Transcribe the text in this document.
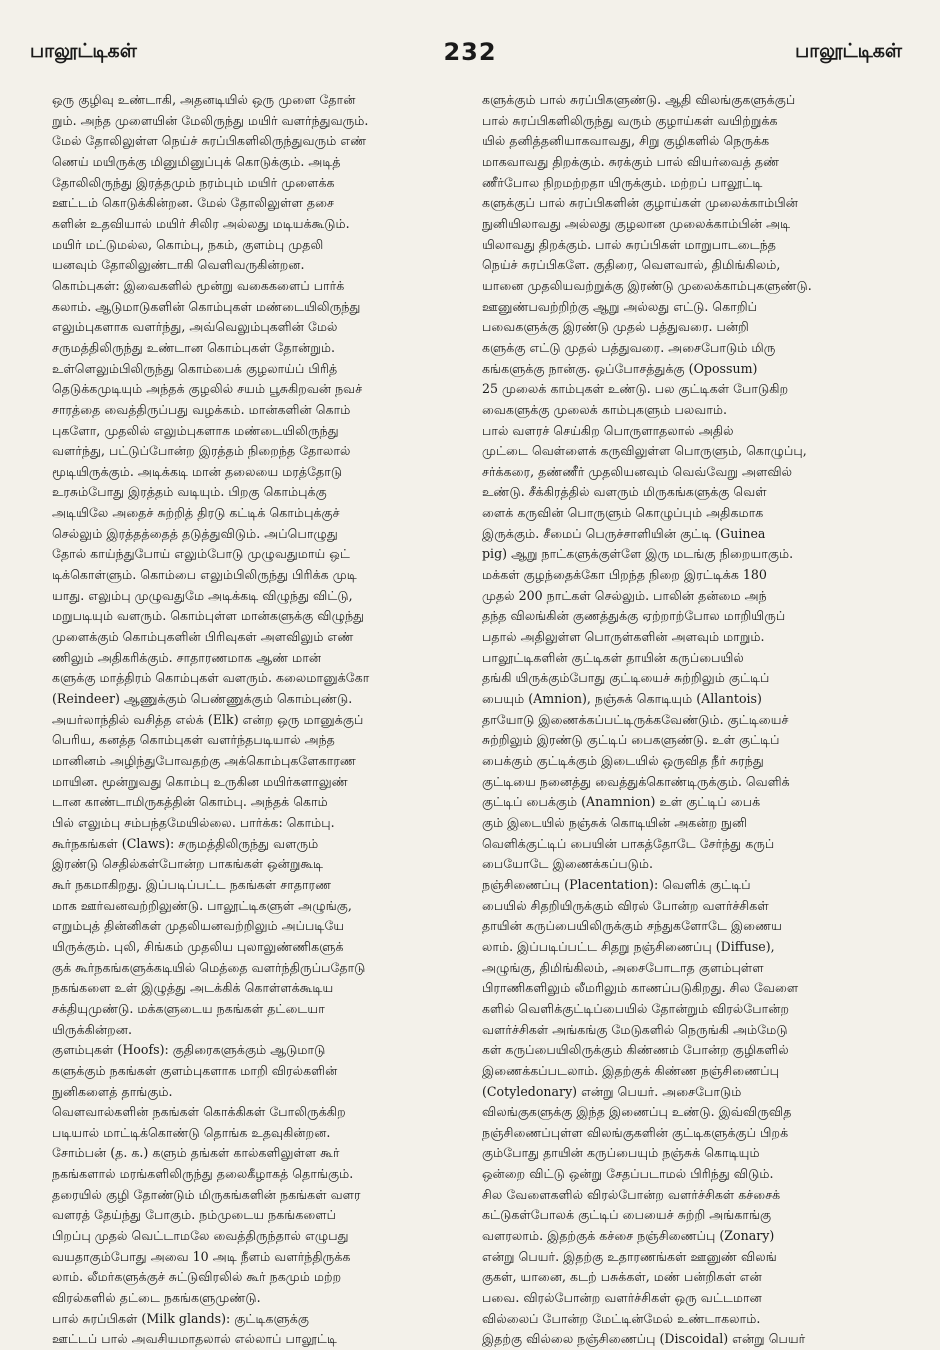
பாலூட்டிகள்	232	பாலூட்டிகள்
ஒரு குழிவு உண்டாகி, அதனடியில் ஒரு முளை தோன்
றும். அந்த முளையின் மேலிருந்து மயிர் வளர்ந்துவரும்.
மேல் தோலிலுள்ள நெய்ச் சுரப்பிகளிலிருந்துவரும் எண்
ணெய் மயிருக்கு மினுமினுப்புக் கொடுக்கும். அடித்
தோலிலிருந்து இரத்தமும் நரம்பும் மயிர் முளைக்க
ஊட்டம் கொடுக்கின்றன. மேல் தோலிலுள்ள தசை
களின் உதவியால் மயிர் சிலிர அல்லது மடியக்கூடும்.
மயிர் மட்டுமல்ல, கொம்பு, நகம், குளம்பு முதலி
யனவும் தோலிலுண்டாகி வெளிவருகின்றன.
கொம்புகள்: இவைகளில் மூன்று வகைகளைப் பார்க்
கலாம். ஆடுமாடுகளின் கொம்புகள் மண்டையிலிருந்து
எலும்புகளாக வளர்ந்து, அவ்வெலும்புகளின் மேல்
சருமத்திலிருந்து உண்டான கொம்புகள் தோன்றும்.
உள்ளெலும்பிலிருந்து கொம்பைக் குழலாய்ப் பிரித்
தெடுக்கமுடியும் அந்தக் குழலில் சயம் பூசுகிறவன் நவச்
சாரத்தை வைத்திருப்பது வழக்கம். மான்களின் கொம்
புகளோ, முதலில் எலும்புகளாக மண்டையிலிருந்து
வளர்ந்து, பட்டுப்போன்ற இரத்தம் நிறைந்த தோலால்
மூடியிருக்கும். அடிக்கடி மான் தலையை மரத்தோடு
உரசும்போது இரத்தம் வடியும். பிறகு கொம்புக்கு
அடியிலே அதைச் சுற்றித் திரடு கட்டிக் கொம்புக்குச்
செல்லும் இரத்தத்தைத் தடுத்துவிடும். அப்பொழுது
தோல் காய்ந்துபோய் எலும்போடு முழுவதுமாய் ஒட்
டிக்கொள்ளும். கொம்பை எலும்பிலிருந்து பிரிக்க முடி
யாது. எலும்பு முழுவதுமே அடிக்கடி விழுந்து விட்டு,
மறுபடியும் வளரும். கொம்புள்ள மான்களுக்கு விழுந்து
முளைக்கும் கொம்புகளின் பிரிவுகள் அளவிலும் எண்
ணிலும் அதிகரிக்கும். சாதாரணமாக ஆண் மான்
களுக்கு மாத்திரம் கொம்புகள் வளரும். கலைமானுக்கோ
(Reindeer) ஆணுக்கும் பெண்ணுக்கும் கொம்புண்டு.
அயர்லாந்தில் வசித்த எல்க் (Elk) என்ற ஒரு மானுக்குப்
பெரிய, கனத்த கொம்புகள் வளர்ந்தபடியால் அந்த
மானினம் அழிந்துபோவதற்கு அக்கொம்புகளேகாரண
மாயின. மூன்றுவது கொம்பு உருகின மயிர்களாலுண்
டான காண்டாமிருகத்தின் கொம்பு. அந்தக் கொம்
பில் எலும்பு சம்பந்தமேயில்லை. பார்க்க: கொம்பு.
கூர்நகங்கள் (Claws): சருமத்திலிருந்து வளரும்
இரண்டு செதில்கள்போன்ற பாகங்கள் ஒன்றுகூடி
கூர் நகமாகிறது. இப்படிப்பட்ட நகங்கள் சாதாரண
மாக ஊர்வனவற்றிலுண்டு. பாலூட்டிகளுள் அழுங்கு,
எறும்புத் தின்னிகள் முதலியனவற்றிலும் அப்படியே
யிருக்கும். புலி, சிங்கம் முதலிய புலாலுண்ணிகளுக்
குக் கூர்நகங்களுக்கடியில் மெத்தை வளர்ந்திருப்பதோடு
நகங்களை உள் இழுத்து அடக்கிக் கொள்ளக்கூடிய
சக்தியுமுண்டு. மக்களுடைய நகங்கள் தட்டையா
யிருக்கின்றன.
குளம்புகள் (Hoofs): குதிரைகளுக்கும் ஆடுமாடு
களுக்கும் நகங்கள் குளம்புகளாக மாறி விரல்களின்
நுனிகளைத் தாங்கும்.
வௌவால்களின் நகங்கள் கொக்கிகள் போலிருக்கிற
படியால் மாட்டிக்கொண்டு தொங்க உதவுகின்றன.
சோம்பன் (த. க.) களும் தங்கள் கால்களிலுள்ள கூர்
நகங்களால் மரங்களிலிருந்து தலைகீழாகத் தொங்கும்.
தரையில் குழி தோண்டும் மிருகங்களின் நகங்கள் வளர
வளரத் தேய்ந்து போகும். நம்முடைய நகங்களைப்
பிறப்பு முதல் வெட்டாமலே வைத்திருந்தால் எழுபது
வயதாகும்போது அவை 10 அடி நீளம் வளர்ந்திருக்க
லாம். லீமர்களுக்குச் சுட்டுவிரலில் கூர் நகமும் மற்ற
விரல்களில் தட்டை நகங்களுமுண்டு.
பால் சுரப்பிகள் (Milk glands): குட்டிகளுக்கு
ஊட்டப் பால் அவசியமாதலால் எல்லாப் பாலூட்டி
களுக்கும் பால் சுரப்பிகளுண்டு. ஆதி விலங்குகளுக்குப்
பால் சுரப்பிகளிலிருந்து வரும் குழாய்கள் வயிற்றுக்க
யில் தனித்தனியாகவாவது, சிறு குழிகளில் நெருக்க
மாகவாவது திறக்கும். சுரக்கும் பால் வியர்வைத் தண்
ணீர்போல நிறமற்றதா யிருக்கும். மற்றப் பாலூட்டி
களுக்குப் பால் சுரப்பிகளின் குழாய்கள் முலைக்காம்பின்
நுனியிலாவது அல்லது குழலான முலைக்காம்பின் அடி
யிலாவது திறக்கும். பால் சுரப்பிகள் மாறுபாடடைந்த
நெய்ச் சுரப்பிகளே. குதிரை, வௌவால், திமிங்கிலம்,
யானை முதலியவற்றுக்கு இரண்டு முலைக்காம்புகளுண்டு.
ஊனுண்பவற்றிற்கு ஆறு அல்லது எட்டு. கொறிப்
பவைகளுக்கு இரண்டு முதல் பத்துவரை. பன்றி
களுக்கு எட்டு முதல் பத்துவரை. அசைபோடும் மிரு
கங்களுக்கு நான்கு. ஒப்போசத்துக்கு (Opossum)
25 முலைக் காம்புகள் உண்டு. பல குட்டிகள் போடுகிற
வைகளுக்கு முலைக் காம்புகளும் பலவாம்.
பால் வளரச் செய்கிற பொருளாதலால் அதில்
முட்டை வெள்ளைக் கருவிலுள்ள பொருளும், கொழுப்பு,
சர்க்கரை, தண்ணீர் முதலியனவும் வெவ்வேறு அளவில்
உண்டு. சீக்கிரத்தில் வளரும் மிருகங்களுக்கு வெள்
ளைக் கருவின் பொருளும் கொழுப்பும் அதிகமாக
இருக்கும். சீமைப் பெருச்சாளியின் குட்டி (Guinea
pig) ஆறு நாட்களுக்குள்ளே இரு மடங்கு நிறையாகும்.
மக்கள் குழந்தைக்கோ பிறந்த நிறை இரட்டிக்க 180
முதல் 200 நாட்கள் செல்லும். பாலின் தன்மை அந்
தந்த விலங்கின் குணத்துக்கு ஏற்றாற்போல மாறியிருப்
பதால் அதிலுள்ள பொருள்களின் அளவும் மாறும்.
பாலூட்டிகளின் குட்டிகள் தாயின் கருப்பையில்
தங்கி யிருக்கும்போது குட்டியைச் சுற்றிலும் குட்டிப்
பையும் (Amnion), நஞ்சுக் கொடியும் (Allantois)
தாயோடு இணைக்கப்பட்டிருக்கவேண்டும். குட்டியைச்
சுற்றிலும் இரண்டு குட்டிப் பைகளுண்டு. உள் குட்டிப்
பைக்கும் குட்டிக்கும் இடையில் ஒருவித நீர் சுரந்து
குட்டியை நனைத்து வைத்துக்கொண்டிருக்கும். வெளிக்
குட்டிப் பைக்கும் (Anamnion) உள் குட்டிப் பைக்
கும் இடையில் நஞ்சுக் கொடியின் அகன்ற நுனி
வெளிக்குட்டிப் பையின் பாகத்தோடே சேர்ந்து கருப்
பையோடே இணைக்கப்படும்.
நஞ்சிணைப்பு (Placentation): வெளிக் குட்டிப்
பையில் சிதறியிருக்கும் விரல் போன்ற வளர்ச்சிகள்
தாயின் கருப்பையிலிருக்கும் சந்துகளோடே இணைய
லாம். இப்படிப்பட்ட சிதறு நஞ்சிணைப்பு (Diffuse),
அழுங்கு, திமிங்கிலம், அசைபோடாத குளம்புள்ள
பிராணிகளிலும் லீமரிலும் காணப்படுகிறது. சில வேளை
களில் வெளிக்குட்டிப்பையில் தோன்றும் விரல்போன்ற
வளர்ச்சிகள் அங்கங்கு மேடுகளில் நெருங்கி அம்மேடு
கள் கருப்பையிலிருக்கும் கிண்ணம் போன்ற குழிகளில்
இணைக்கப்படலாம். இதற்குக் கிண்ண நஞ்சிணைப்பு
(Cotyledonary) என்று பெயர். அசைபோடும்
விலங்குகளுக்கு இந்த இணைப்பு உண்டு. இவ்விருவித
நஞ்சிணைப்புள்ள விலங்குகளின் குட்டிகளுக்குப் பிறக்
கும்போது தாயின் கருப்பையும் நஞ்சுக் கொடியும்
ஒன்றை விட்டு ஒன்று சேதப்படாமல் பிரிந்து விடும்.
சில வேளைகளில் விரல்போன்ற வளர்ச்சிகள் கச்சைக்
கட்டுகள்போலக் குட்டிப் பையைச் சுற்றி அங்காங்கு
வளரலாம். இதற்குக் கச்சை நஞ்சிணைப்பு (Zonary)
என்று பெயர். இதற்கு உதாரணங்கள் ஊனுண் விலங்
குகள், யானை, கடற் பசுக்கள், மண் பன்றிகள் என்
பவை. விரல்போன்ற வளர்ச்சிகள் ஒரு வட்டமான
வில்லைப் போன்ற மேட்டின்மேல் உண்டாகலாம்.
இதற்கு வில்லை நஞ்சிணைப்பு (Discoidal) என்று பெயர்
